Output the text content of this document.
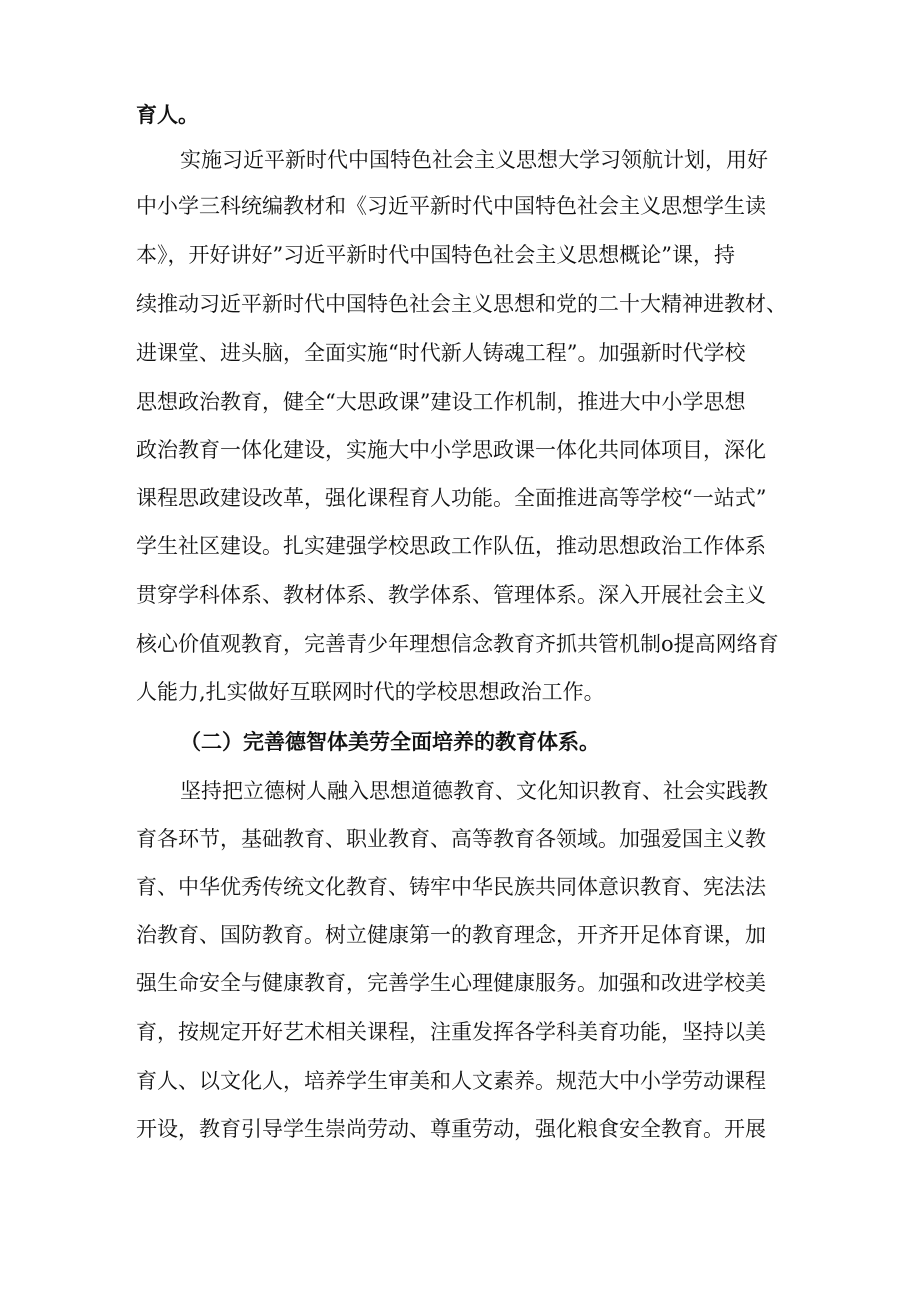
育人。
实施习近平新时代中国特色社会主义思想大学习领航计划，用好
中小学三科统编教材和《习近平新时代中国特色社会主义思想学生读
本》，开好讲好”习近平新时代中国特色社会主义思想概论”课，持
续推动习近平新时代中国特色社会主义思想和党的二十大精神进教材、
进课堂、进头脑，全面实施“时代新人铸魂工程”。加强新时代学校
思想政治教育，健全“大思政课”建设工作机制，推进大中小学思想
政治教育一体化建设，实施大中小学思政课一体化共同体项目，深化
课程思政建设改革，强化课程育人功能。全面推进高等学校“一站式”
学生社区建设。扎实建强学校思政工作队伍，推动思想政治工作体系
贯穿学科体系、教材体系、教学体系、管理体系。深入开展社会主义
核心价值观教育，完善青少年理想信念教育齐抓共管机制o提高网络育
人能力,扎实做好互联网时代的学校思想政治工作。
（二）完善德智体美劳全面培养的教育体系。
坚持把立德树人融入思想道德教育、文化知识教育、社会实践教
育各环节，基础教育、职业教育、高等教育各领域。加强爱国主义教
育、中华优秀传统文化教育、铸牢中华民族共同体意识教育、宪法法
治教育、国防教育。树立健康第一的教育理念，开齐开足体育课，加
强生命安全与健康教育，完善学生心理健康服务。加强和改进学校美
育，按规定开好艺术相关课程，注重发挥各学科美育功能，坚持以美
育人、以文化人，培养学生审美和人文素养。规范大中小学劳动课程
开设，教育引导学生崇尚劳动、尊重劳动，强化粮食安全教育。开展
